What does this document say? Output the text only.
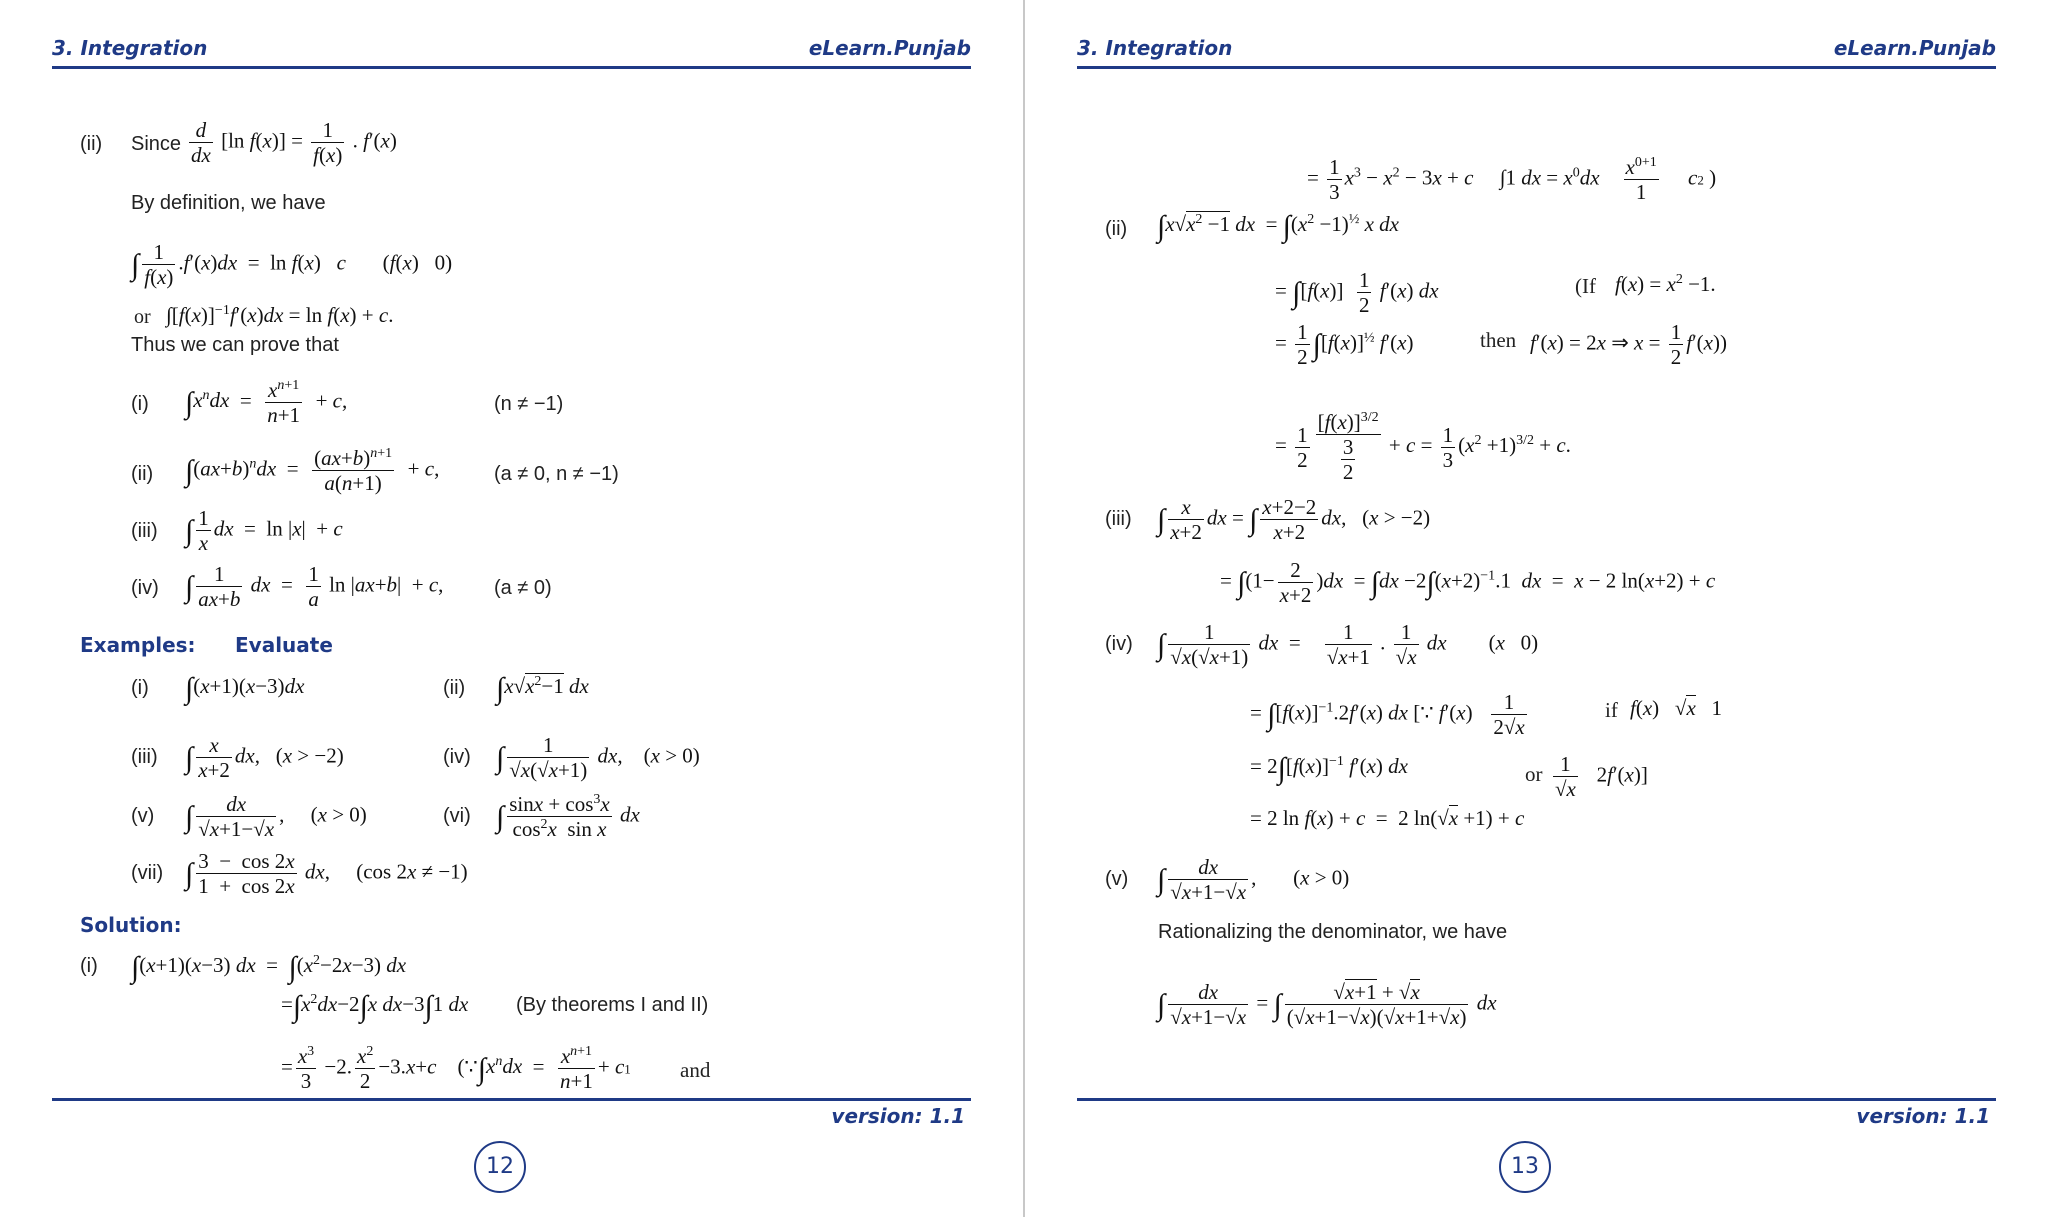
3. Integration	eLearn.Punjab
(ii) Since $\frac{d}{dx} [\ln$ $f(x)] = \frac{1}{f(x)}$ . f′(x)
By definition, we have
∫ $\frac{1}{f(x)} .f'(x)dx = \ln f(x)$   c       (f(x)   0)
or $\int[f(x)]^{-1}f'(x)dx = \ln f(x) + c$.
Thus we can prove that
(i) $\int x^ndx = \frac{x^{n+1}}{n+1} + c$,	(n ≠ −1)
(ii) $\int(ax+b)^ndx = \frac{(ax+b)^{n+1}}{a(n+1)} + c$,	(a ≠ 0, n ≠ −1)
(iii) ∫ $\frac{1}{x}$ dx  =  ln |x|  + c
(iv) ∫ $\frac{1}{ax+b}$ dx  = $\frac{1}{a}$ ln |ax+b|  + c,	(a ≠ 0)
Examples: Evaluate
(i) ∫(x+1)(x−3)dx	(ii) $\int x√x^2-1$ dx
(iii) ∫ $\frac{x}{x+2}$ dx,   (x > −2)	(iv) ∫ $\frac{1}{√x(√x+1)}$ dx,    (x > 0)
(v) ∫ $\frac{dx}{√x+1-√x}$ ,     (x > 0)	(vi) ∫ $\frac{\sin x + \cos^3x}{\cos^2x \sin x}$ dx
(vii) ∫ $\frac{3 - \cos 2x}{1 + \cos 2x}$ dx,     (cos 2x ≠ −1)
Solution:
(i) ∫(x+1)(x−3) dx  =  $\int(x^2-2x-3)$ dx
$=\int x^2dx-2\int x$ dx−3∫1 dx (By theorems I and II)
= $\frac{x^3}{3} -2$. $\frac{x^2}{2} -3.x+c$    ($\because\int x^ndx = \frac{x^{n+1}}{n+1} + c1$ and
version: 1.1
12
3. Integration	eLearn.Punjab
= $\frac{1}{3} x^3 - x^2 - 3x + c$     ∫1 dx = $x^0dx \frac{x^{0+1}}{1} c2$ )
(ii) $\int x√x^2 -1$ dx  = $\int(x^2 -1)^{\frac{1}{2}}$ x dx
= $\int[f(x)] \frac{1}{2} f'(x)$ dx	(If $f(x) = x^2 -1$.
= $\frac{1}{2} \int[f(x)]^{\frac{1}{2}}$ f′(x)	then f′(x) = 2x ⇒ $x = \frac{1}{2} f'(x)$)
= $\frac{1}{2} \frac{[f(x)]^{3/2}}{\frac{3}{2}} + c = \frac{1}{3} (x^2 +1)^{3/2} + c$.
(iii) ∫ $\frac{x}{x+2}$ dx = ∫ $\frac{x+2-2}{x+2}$ dx,   (x > −2)
= $\int(1- \frac{2}{x+2} )dx = \int dx -2\int(x+2)^{-1}.1$  dx  =  x − 2 ln(x+2) + c
(iv) ∫ $\frac{1}{√x(√x+1)}$ dx  = $\frac{1}{√x+1}$ . $\frac{1}{√x}$ dx        (x   0)
= $\int[f(x)]^{-1}.2f'(x)$ dx [∵ $f'(x) \frac{1}{2√x}$	if f(x)   √x   1
= $2\int[f(x)]^{-1}$ f′(x) dx	or $\frac{1}{√x} 2f'(x)$]
= 2 ln f(x) + c  =  2 ln(√x +1) + c
(v) ∫ $\frac{dx}{√x+1-√x}$ ,       (x > 0)
Rationalizing the denominator, we have
∫ $\frac{dx}{√x+1-√x}$ = ∫ $\frac{√x+1 + √x}{(√x+1-√x)(√x+1+√x)}$ dx
version: 1.1
13
